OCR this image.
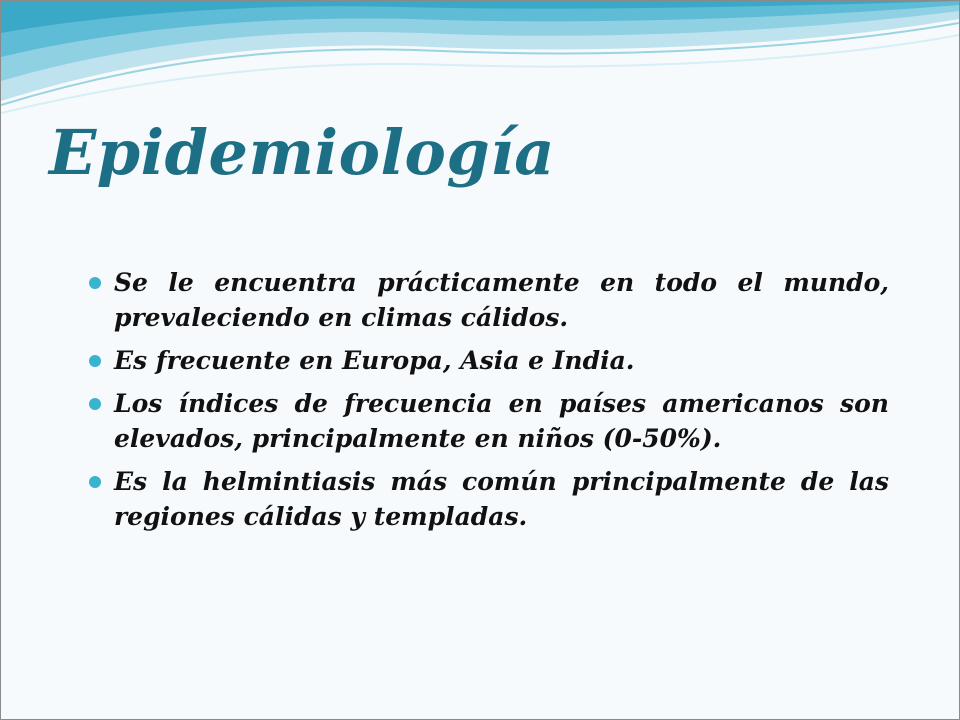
Epidemiología
Se le encuentra prácticamente en todo el mundo, prevaleciendo en climas cálidos.
Es frecuente en Europa, Asia e India.
Los índices de frecuencia en países americanos son elevados, principalmente en niños (0-50%).
Es la helmintiasis más común principalmente de las regiones cálidas y templadas.
